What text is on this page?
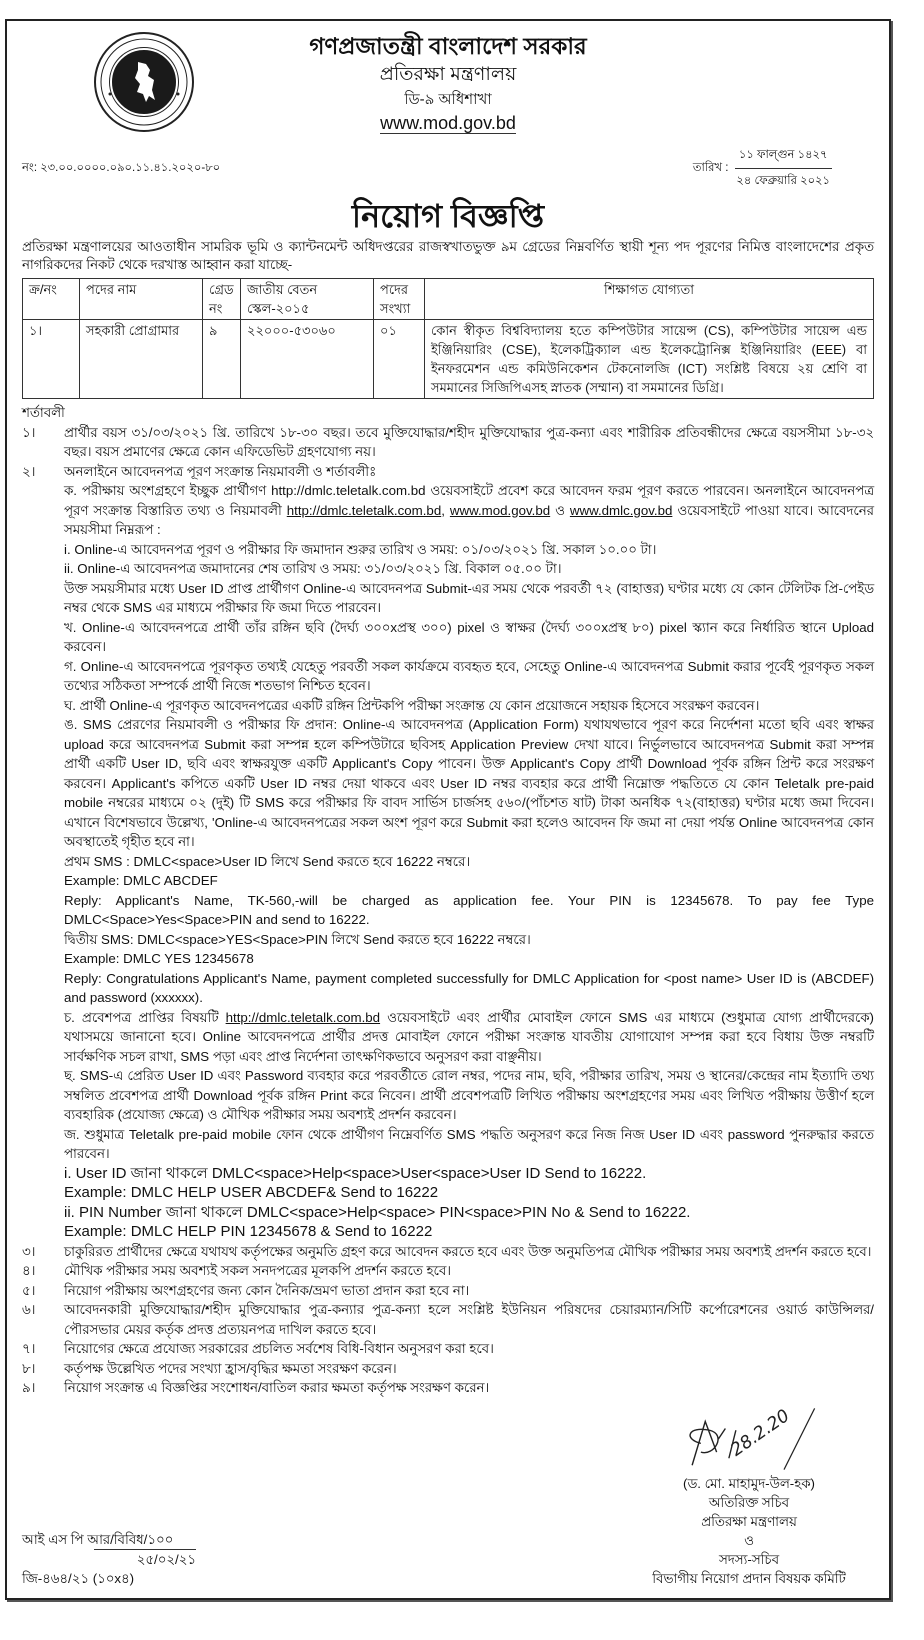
গণপ্রজাতন্ত্রী বাংলাদেশ সরকার
প্রতিরক্ষা মন্ত্রণালয়
ডি-৯ অধিশাখা
www.mod.gov.bd
নং: ২৩.০০.০০০০.০৯০.১১.৪১.২০২০-৮০	তারিখ :
১১ ফাল্গুন ১৪২৭
২৪ ফেব্রুয়ারি ২০২১
নিয়োগ বিজ্ঞপ্তি
প্রতিরক্ষা মন্ত্রণালয়ের আওতাধীন সামরিক ভূমি ও ক্যান্টনমেন্ট অধিদপ্তরের রাজস্বখাতভুক্ত ৯ম গ্রেডের নিম্নবর্ণিত স্থায়ী শূন্য পদ পূরণের নিমিত্ত বাংলাদেশের প্রকৃত নাগরিকদের নিকট থেকে দরখাস্ত আহ্বান করা যাচ্ছে-
ক্র/নং	পদের নাম	গ্রেড নং	জাতীয় বেতন স্কেল-২০১৫	পদের সংখ্যা	শিক্ষাগত যোগ্যতা
১।	সহকারী প্রোগ্রামার	৯	২২০০০-৫৩০৬০	০১	কোন স্বীকৃত বিশ্ববিদ্যালয় হতে কম্পিউটার সায়েন্স (CS), কম্পিউটার সায়েন্স এন্ড ইঞ্জিনিয়ারিং (CSE), ইলেকট্রিক্যাল এন্ড ইলেকট্রোনিক্স ইঞ্জিনিয়ারিং (EEE) বা ইনফরমেশন এন্ড কমিউনিকেশন টেকনোলজি (ICT) সংশ্লিষ্ট বিষয়ে ২য় শ্রেণি বা সমমানের সিজিপিএসহ স্নাতক (সম্মান) বা সমমানের ডিগ্রি।
শর্তাবলী
১।	প্রার্থীর বয়স ৩১/০৩/২০২১ খ্রি. তারিখে ১৮-৩০ বছর। তবে মুক্তিযোদ্ধার/শহীদ মুক্তিযোদ্ধার পুত্র-কন্যা এবং শারীরিক প্রতিবন্ধীদের ক্ষেত্রে বয়সসীমা ১৮-৩২ বছর। বয়স প্রমাণের ক্ষেত্রে কোন এফিডেভিট গ্রহণযোগ্য নয়।

২।	অনলাইনে আবেদনপত্র পূরণ সংক্রান্ত নিয়মাবলী ও শর্তাবলীঃ

ক. পরীক্ষায় অংশগ্রহণে ইচ্ছুক প্রার্থীগণ http://dmlc.teletalk.com.bd ওয়েবসাইটে প্রবেশ করে আবেদন ফরম পূরণ করতে পারবেন। অনলাইনে আবেদনপত্র পূরণ সংক্রান্ত বিস্তারিত তথ্য ও নিয়মাবলী http://dmlc.teletalk.com.bd, www.mod.gov.bd ও www.dmlc.gov.bd ওয়েবসাইটে পাওয়া যাবে। আবেদনের সময়সীমা নিম্নরূপ :

i. Online-এ আবেদনপত্র পূরণ ও পরীক্ষার ফি জমাদান শুরুর তারিখ ও সময়: ০১/০৩/২০২১ খ্রি. সকাল ১০.০০ টা।

ii. Online-এ আবেদনপত্র জমাদানের শেষ তারিখ ও সময়: ৩১/০৩/২০২১ খ্রি. বিকাল ০৫.০০ টা।

উক্ত সময়সীমার মধ্যে User ID প্রাপ্ত প্রার্থীগণ Online-এ আবেদনপত্র Submit-এর সময় থেকে পরবর্তী ৭২ (বাহাত্তর) ঘণ্টার মধ্যে যে কোন টেলিটক প্রি-পেইড নম্বর থেকে SMS এর মাধ্যমে পরীক্ষার ফি জমা দিতে পারবেন।

খ. Online-এ আবেদনপত্রে প্রার্থী তাঁর রঙ্গিন ছবি (দৈর্ঘ্য ৩০০xপ্রস্থ ৩০০) pixel ও স্বাক্ষর (দৈর্ঘ্য ৩০০xপ্রস্থ ৮০) pixel স্ক্যান করে নির্ধারিত স্থানে Upload করবেন।

গ. Online-এ আবেদনপত্রে পূরণকৃত তথ্যই যেহেতু পরবর্তী সকল কার্যক্রমে ব্যবহৃত হবে, সেহেতু Online-এ আবেদনপত্র Submit করার পূর্বেই পূরণকৃত সকল তথ্যের সঠিকতা সম্পর্কে প্রার্থী নিজে শতভাগ নিশ্চিত হবেন।

ঘ. প্রার্থী Online-এ পূরণকৃত আবেদনপত্রের একটি রঙ্গিন প্রিন্টকপি পরীক্ষা সংক্রান্ত যে কোন প্রয়োজনে সহায়ক হিসেবে সংরক্ষণ করবেন।

ঙ. SMS প্রেরণের নিয়মাবলী ও পরীক্ষার ফি প্রদান: Online-এ আবেদনপত্র (Application Form) যথাযথভাবে পূরণ করে নির্দেশনা মতো ছবি এবং স্বাক্ষর upload করে আবেদনপত্র Submit করা সম্পন্ন হলে কম্পিউটারে ছবিসহ Application Preview দেখা যাবে। নির্ভুলভাবে আবেদনপত্র Submit করা সম্পন্ন প্রার্থী একটি User ID, ছবি এবং স্বাক্ষরযুক্ত একটি Applicant's Copy পাবেন। উক্ত Applicant's Copy প্রার্থী Download পূর্বক রঙ্গিন প্রিন্ট করে সংরক্ষণ করবেন। Applicant's কপিতে একটি User ID নম্বর দেয়া থাকবে এবং User ID নম্বর ব্যবহার করে প্রার্থী নিম্নোক্ত পদ্ধতিতে যে কোন Teletalk pre-paid mobile নম্বরের মাধ্যমে ০২ (দুই) টি SMS করে পরীক্ষার ফি বাবদ সার্ভিস চার্জসহ ৫৬০/(পাঁচশত ষাট) টাকা অনধিক ৭২(বাহাত্তর) ঘণ্টার মধ্যে জমা দিবেন। এখানে বিশেষভাবে উল্লেখ্য, 'Online-এ আবেদনপত্রের সকল অংশ পূরণ করে Submit করা হলেও আবেদন ফি জমা না দেয়া পর্যন্ত Online আবেদনপত্র কোন অবস্থাতেই গৃহীত হবে না।

প্রথম SMS : DMLC<space>User ID লিখে Send করতে হবে 16222 নম্বরে।

Example: DMLC ABCDEF

Reply: Applicant's Name, TK-560,-will be charged as application fee. Your PIN is 12345678. To pay fee Type DMLC<Space>Yes<Space>PIN and send to 16222.

দ্বিতীয় SMS: DMLC<space>YES<Space>PIN লিখে Send করতে হবে 16222 নম্বরে।

Example: DMLC YES 12345678

Reply: Congratulations Applicant's Name, payment completed successfully for DMLC Application for <post name> User ID is (ABCDEF) and password (xxxxxx).

চ. প্রবেশপত্র প্রাপ্তির বিষয়টি http://dmlc.teletalk.com.bd ওয়েবসাইটে এবং প্রার্থীর মোবাইল ফোনে SMS এর মাধ্যমে (শুধুমাত্র যোগ্য প্রার্থীদেরকে) যথাসময়ে জানানো হবে। Online আবেদনপত্রে প্রার্থীর প্রদত্ত মোবাইল ফোনে পরীক্ষা সংক্রান্ত যাবতীয় যোগাযোগ সম্পন্ন করা হবে বিধায় উক্ত নম্বরটি সার্বক্ষণিক সচল রাখা, SMS পড়া এবং প্রাপ্ত নির্দেশনা তাৎক্ষণিকভাবে অনুসরণ করা বাঞ্ছনীয়।

ছ. SMS-এ প্রেরিত User ID এবং Password ব্যবহার করে পরবর্তীতে রোল নম্বর, পদের নাম, ছবি, পরীক্ষার তারিখ, সময় ও স্থানের/কেন্দ্রের নাম ইত্যাদি তথ্য সম্বলিত প্রবেশপত্র প্রার্থী Download পূর্বক রঙ্গিন Print করে নিবেন। প্রার্থী প্রবেশপত্রটি লিখিত পরীক্ষায় অংশগ্রহণের সময় এবং লিখিত পরীক্ষায় উত্তীর্ণ হলে ব্যবহারিক (প্রযোজ্য ক্ষেত্রে) ও মৌখিক পরীক্ষার সময় অবশ্যই প্রদর্শন করবেন।

জ. শুধুমাত্র Teletalk pre-paid mobile ফোন থেকে প্রার্থীগণ নিম্নেবর্ণিত SMS পদ্ধতি অনুসরণ করে নিজ নিজ User ID এবং password পুনরুদ্ধার করতে পারবেন।

i. User ID জানা থাকলে DMLC<space>Help<space>User<space>User ID Send to 16222.

Example: DMLC HELP USER ABCDEF& Send to 16222

ii. PIN Number জানা থাকলে DMLC<space>Help<space> PIN<space>PIN No & Send to 16222.

Example: DMLC HELP PIN 12345678 & Send to 16222

৩।	চাকুরিরত প্রার্থীদের ক্ষেত্রে যথাযথ কর্তৃপক্ষের অনুমতি গ্রহণ করে আবেদন করতে হবে এবং উক্ত অনুমতিপত্র মৌখিক পরীক্ষার সময় অবশ্যই প্রদর্শন করতে হবে।

৪।	মৌখিক পরীক্ষার সময় অবশ্যই সকল সনদপত্রের মূলকপি প্রদর্শন করতে হবে।

৫।	নিয়োগ পরীক্ষায় অংশগ্রহণের জন্য কোন দৈনিক/ভ্রমণ ভাতা প্রদান করা হবে না।

৬।	আবেদনকারী মুক্তিযোদ্ধার/শহীদ মুক্তিযোদ্ধার পুত্র-কন্যার পুত্র-কন্যা হলে সংশ্লিষ্ট ইউনিয়ন পরিষদের চেয়ারম্যান/সিটি কর্পোরেশনের ওয়ার্ড কাউন্সিলর/পৌরসভার মেয়র কর্তৃক প্রদত্ত প্রত্যয়নপত্র দাখিল করতে হবে।

৭।	নিয়োগের ক্ষেত্রে প্রযোজ্য সরকারের প্রচলিত সর্বশেষ বিধি-বিধান অনুসরণ করা হবে।

৮।	কর্তৃপক্ষ উল্লেখিত পদের সংখ্যা হ্রাস/বৃদ্ধির ক্ষমতা সংরক্ষণ করেন।

৯।	নিয়োগ সংক্রান্ত এ বিজ্ঞপ্তির সংশোধন/বাতিল করার ক্ষমতা কর্তৃপক্ষ সংরক্ষণ করেন।

আই এস পি আর/বিবিধ/১০০
২৫/০২/২১
জি-৪৬৪/২১ (১০x৪)
28.2.20
(ড. মো. মাহামুদ-উল-হক)
অতিরিক্ত সচিব
প্রতিরক্ষা মন্ত্রণালয়
ও
সদস্য-সচিব
বিভাগীয় নিয়োগ প্রদান বিষয়ক কমিটি
